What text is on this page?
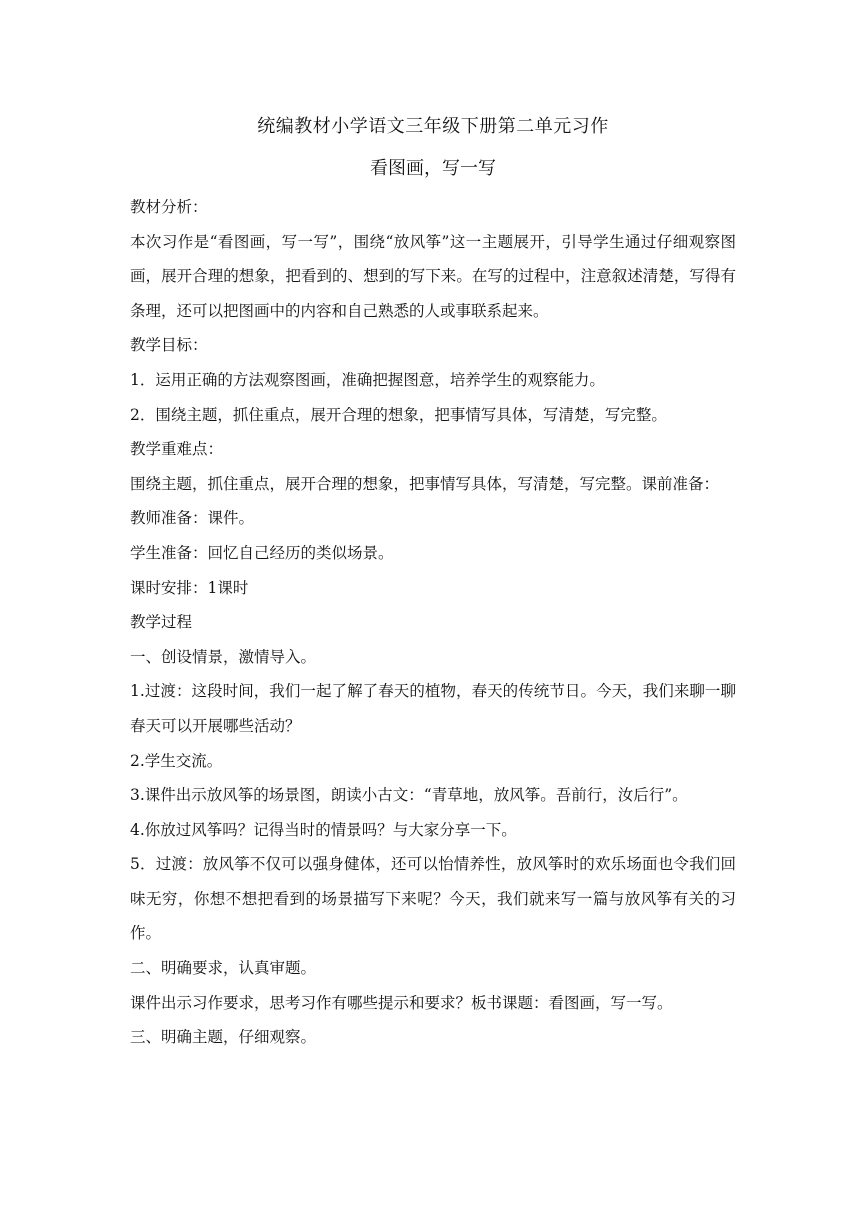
统编教材小学语文三年级下册第二单元习作
看图画，写一写

教材分析：

本次习作是“看图画，写一写”，围绕“放风筝”这一主题展开，引导学生通过仔细观察图画，展开合理的想象，把看到的、想到的写下来。在写的过程中，注意叙述清楚，写得有条理，还可以把图画中的内容和自己熟悉的人或事联系起来。

教学目标：

1．运用正确的方法观察图画，准确把握图意，培养学生的观察能力。

2．围绕主题，抓住重点，展开合理的想象，把事情写具体，写清楚，写完整。

教学重难点：

围绕主题，抓住重点，展开合理的想象，把事情写具体，写清楚，写完整。课前准备：

教师准备：课件。

学生准备：回忆自己经历的类似场景。

课时安排：1课时

教学过程

一、创设情景，激情导入。

1.过渡：这段时间，我们一起了解了春天的植物，春天的传统节日。今天，我们来聊一聊春天可以开展哪些活动？

2.学生交流。

3.课件出示放风筝的场景图，朗读小古文：“青草地，放风筝。吾前行，汝后行”。

4.你放过风筝吗？记得当时的情景吗？与大家分享一下。

5．过渡：放风筝不仅可以强身健体，还可以怡情养性，放风筝时的欢乐场面也令我们回味无穷，你想不想把看到的场景描写下来呢？今天，我们就来写一篇与放风筝有关的习作。

二、明确要求，认真审题。

课件出示习作要求，思考习作有哪些提示和要求？板书课题：看图画，写一写。

三、明确主题，仔细观察。
